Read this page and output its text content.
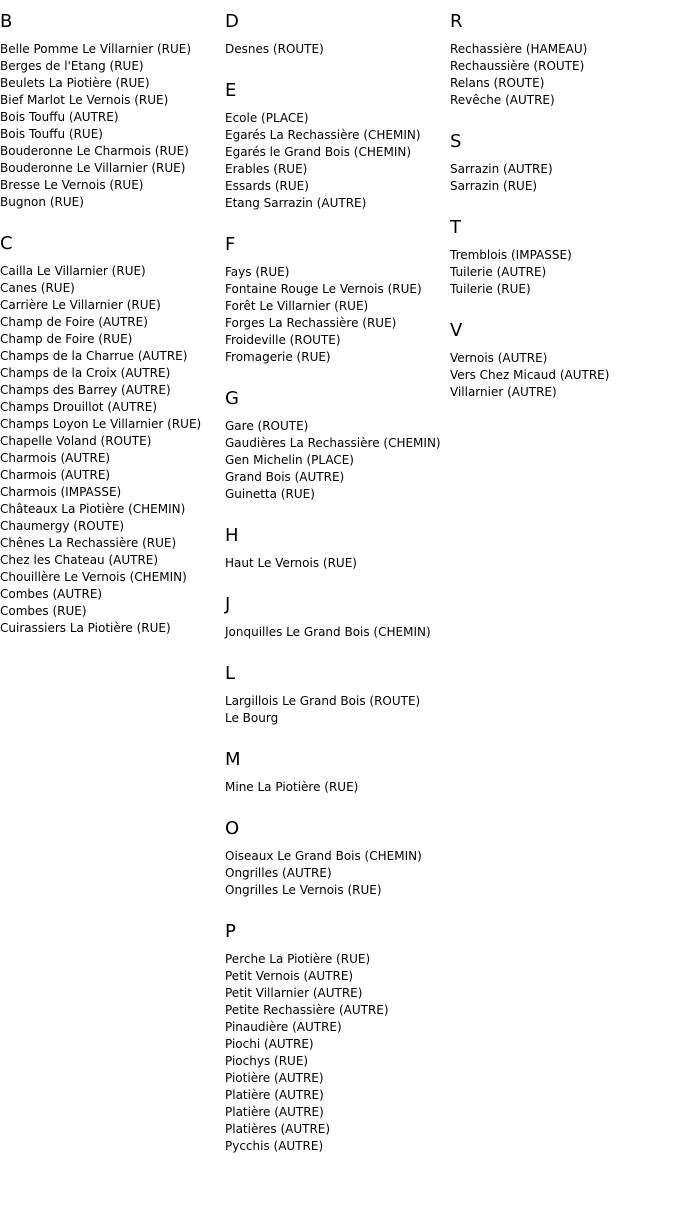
B
Belle Pomme Le Villarnier (RUE)
Berges de l'Etang (RUE)
Beulets La Piotière (RUE)
Bief Marlot Le Vernois (RUE)
Bois Touffu (AUTRE)
Bois Touffu (RUE)
Bouderonne Le Charmois (RUE)
Bouderonne Le Villarnier (RUE)
Bresse Le Vernois (RUE)
Bugnon (RUE)
C
Cailla Le Villarnier (RUE)
Canes (RUE)
Carrière Le Villarnier (RUE)
Champ de Foire (AUTRE)
Champ de Foire (RUE)
Champs de la Charrue (AUTRE)
Champs de la Croix (AUTRE)
Champs des Barrey (AUTRE)
Champs Drouillot (AUTRE)
Champs Loyon Le Villarnier (RUE)
Chapelle Voland (ROUTE)
Charmois (AUTRE)
Charmois (AUTRE)
Charmois (IMPASSE)
Châteaux La Piotière (CHEMIN)
Chaumergy (ROUTE)
Chênes La Rechassière (RUE)
Chez les Chateau (AUTRE)
Chouillère Le Vernois (CHEMIN)
Combes (AUTRE)
Combes (RUE)
Cuirassiers La Piotière (RUE)
D
Desnes (ROUTE)
E
Ecole (PLACE)
Egarés La Rechassière (CHEMIN)
Egarés le Grand Bois (CHEMIN)
Erables (RUE)
Essards (RUE)
Etang Sarrazin (AUTRE)
F
Fays (RUE)
Fontaine Rouge Le Vernois (RUE)
Forêt Le Villarnier (RUE)
Forges La Rechassière (RUE)
Froideville (ROUTE)
Fromagerie (RUE)
G
Gare (ROUTE)
Gaudières La Rechassière (CHEMIN)
Gen Michelin (PLACE)
Grand Bois (AUTRE)
Guinetta (RUE)
H
Haut Le Vernois (RUE)
J
Jonquilles Le Grand Bois (CHEMIN)
L
Largillois Le Grand Bois (ROUTE)
Le Bourg
M
Mine La Piotière (RUE)
O
Oiseaux Le Grand Bois (CHEMIN)
Ongrilles (AUTRE)
Ongrilles Le Vernois (RUE)
P
Perche La Piotière (RUE)
Petit Vernois (AUTRE)
Petit Villarnier (AUTRE)
Petite Rechassière (AUTRE)
Pinaudière (AUTRE)
Piochi (AUTRE)
Piochys (RUE)
Piotière (AUTRE)
Platière (AUTRE)
Platière (AUTRE)
Platières (AUTRE)
Pycchis (AUTRE)
R
Rechassière (HAMEAU)
Rechaussière (ROUTE)
Relans (ROUTE)
Revêche (AUTRE)
S
Sarrazin (AUTRE)
Sarrazin (RUE)
T
Tremblois (IMPASSE)
Tuilerie (AUTRE)
Tuilerie (RUE)
V
Vernois (AUTRE)
Vers Chez Micaud (AUTRE)
Villarnier (AUTRE)
